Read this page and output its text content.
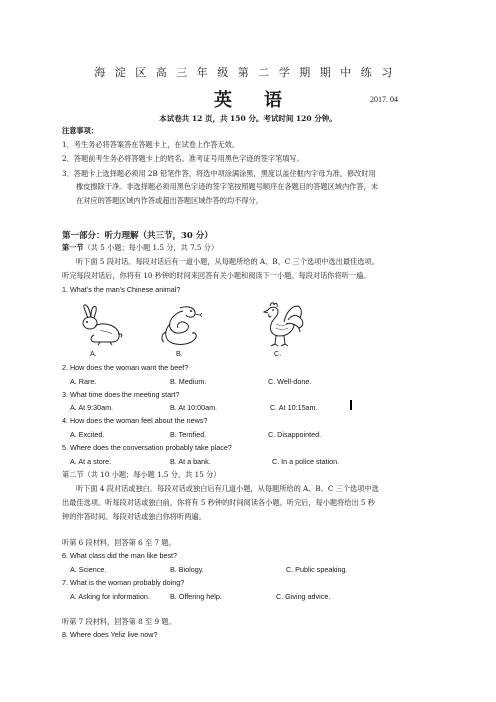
海淀区高三年级第二学期期中练习
英语	2017. 04
本试卷共 12 页，共 150 分。考试时间 120 分钟。
注意事项：
1．考生务必将答案答在答题卡上，在试卷上作答无效。
2．答题前考生务必将答题卡上的姓名、准考证号用黑色字迹的签字笔填写。
3．答题卡上选择题必须用 2B 铅笔作答，将选中项涂满涂黑，黑度以盖住框内字母为准，修改时用
橡皮擦除干净。非选择题必须用黑色字迹的签字笔按照题号顺序在各题目的答题区域内作答，未
在对应的答题区域内作答或超出答题区域作答的均不得分。
第一部分：听力理解（共三节，30 分）
第一节（共 5 小题；每小题 1.5 分，共 7.5 分）
听下面 5 段对话。每段对话后有一道小题，从每题所给的 A、B、C 三个选项中选出最佳选项。
听完每段对话后，你将有 10 秒钟的时间来回答有关小题和阅读下一小题。每段对话你将听一遍。
1. What’s the man’s Chinese animal?
A.	B.	C.
2. How does the woman want the beef?
A. Rare.	B. Medium.	C. Well-done.
3. What time does the meeting start?
A. At 9:30am.	B. At 10:00am.	C. At 10:15am.
4. How does the woman feel about the news?
A. Excited.	B. Terrified.	C. Disappointed.
5. Where does the conversation probably take place?
A. At a store.	B. At a bank.	C. In a police station.
第二节（共 10 小题；每小题 1.5 分，共 15 分）
听下面 4 段对话或独白。每段对话或独白后有几道小题，从每题所给的 A、B、C 三个选项中选
出最佳选项。听每段对话或独白前，你将有 5 秒钟的时间阅读各小题。听完后，每小题将给出 5 秒
钟的作答时间。每段对话或独白你将听两遍。
听第 6 段材料，回答第 6 至 7 题。
6. What class did the man like best?
A. Science.	B. Biology.	C. Public speaking.
7. What is the woman probably doing?
A. Asking for information.	B. Offering help.	C. Giving advice.
听第 7 段材料，回答第 8 至 9 题。
8. Where does Yeliz live now?
